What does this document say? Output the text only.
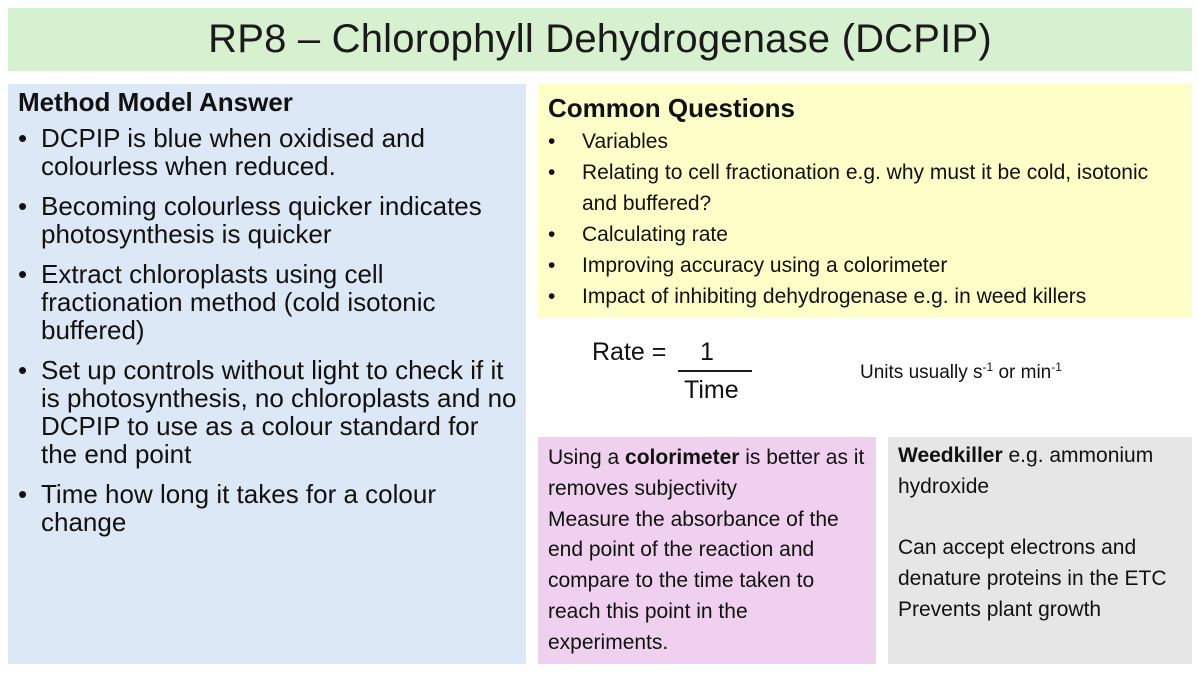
RP8 – Chlorophyll Dehydrogenase (DCPIP)
Method Model Answer
• DCPIP is blue when oxidised and colourless when reduced.
• Becoming colourless quicker indicates photosynthesis is quicker
• Extract chloroplasts using cell fractionation method (cold isotonic buffered)
• Set up controls without light to check if it is photosynthesis, no chloroplasts and no DCPIP to use as a colour standard for the end point
• Time how long it takes for a colour change
Common Questions
• Variables
• Relating to cell fractionation e.g. why must it be cold, isotonic and buffered?
• Calculating rate
• Improving accuracy using a colorimeter
• Impact of inhibiting dehydrogenase e.g. in weed killers
Rate = 1
Time
Units usually $s^{-1}$ or $\min^{-1}$

Using a colorimeter is better as it removes subjectivity

Measure the absorbance of the end point of the reaction and compare to the time taken to reach this point in the experiments.

Weedkiller e.g. ammonium hydroxide

Can accept electrons and denature proteins in the ETC

Prevents plant growth
